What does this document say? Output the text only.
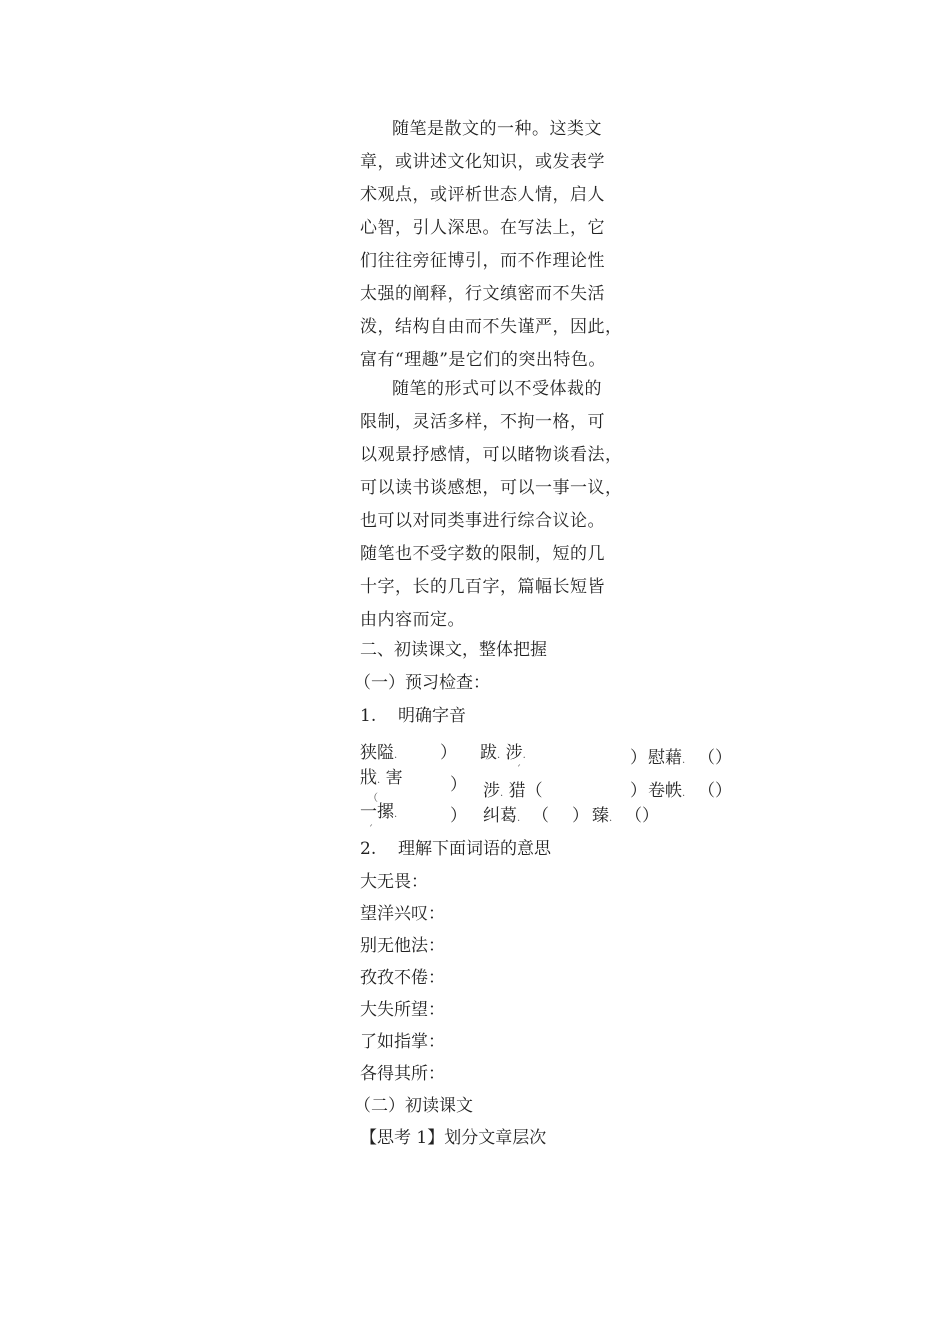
随笔是散文的一种。这类文
章，或讲述文化知识，或发表学
术观点，或评析世态人情，启人
心智，引人深思。在写法上，它
们往往旁征博引，而不作理论性
太强的阐释，行文缜密而不失活
泼，结构自由而不失谨严，因此，
富有“理趣”是它们的突出特色。
随笔的形式可以不受体裁的
限制，灵活多样，不拘一格，可
以观景抒感情，可以睹物谈看法，
可以读书谈感想，可以一事一议，
也可以对同类事进行综合议论。
随笔也不受字数的限制，短的几
十字，长的几百字，篇幅长短皆
由内容而定。
二、初读课文，整体把握
（一）预习检查：
1. 明确字音
狭隘.	） 跋. 涉.
ˊ
） 慰藉. （）
戕. 害
（
） 涉. 猎（	） 卷帙. （）
一摞.
ˊ
） 纠葛. （ ） 臻. （）
2. 理解下面词语的意思
大无畏：
望洋兴叹：
别无他法：
孜孜不倦：
大失所望：
了如指掌：
各得其所：
（二）初读课文
【思考 1】划分文章层次
